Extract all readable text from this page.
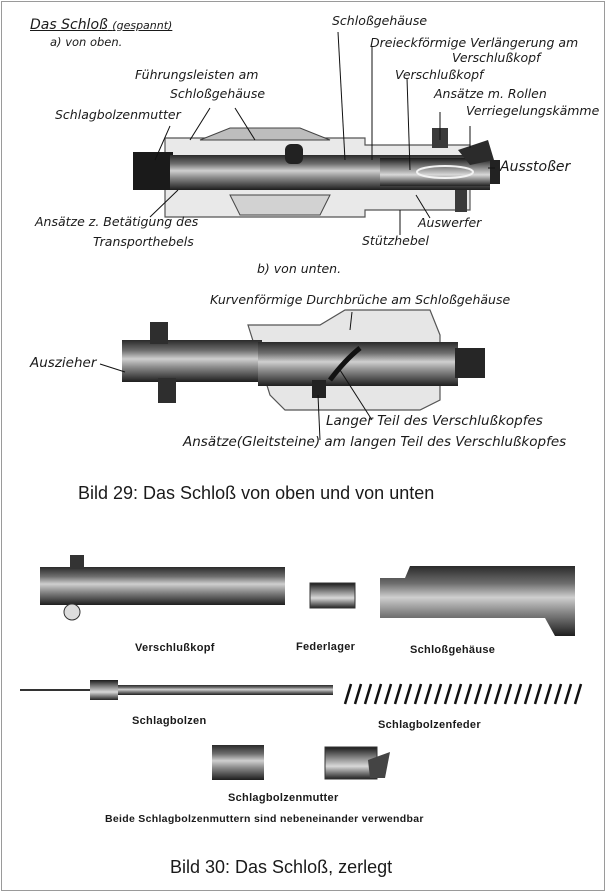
Das Schloß (gespannt)
a) von oben.
Schloßgehäuse
Dreieckförmige Verlängerung am
Verschlußkopf
Verschlußkopf
Führungsleisten am
Schloßgehäuse	Ansätze m. Rollen
Verriegelungskämme
Schlagbolzenmutter
Ausstoßer
Ansätze z. Betätigung des
Transporthebels
Auswerfer
Stützhebel
b) von unten.
Kurvenförmige Durchbrüche am Schloßgehäuse
Auszieher
Langer Teil des Verschlußkopfes
Ansätze(Gleitsteine) am langen Teil des Verschlußkopfes
Bild 29: Das Schloß von oben und von unten
Verschlußkopf	Federlager	Schloßgehäuse
Schlagbolzen	Schlagbolzenfeder
Schlagbolzenmutter
Beide Schlagbolzenmuttern sind nebeneinander verwendbar
Bild 30: Das Schloß, zerlegt
